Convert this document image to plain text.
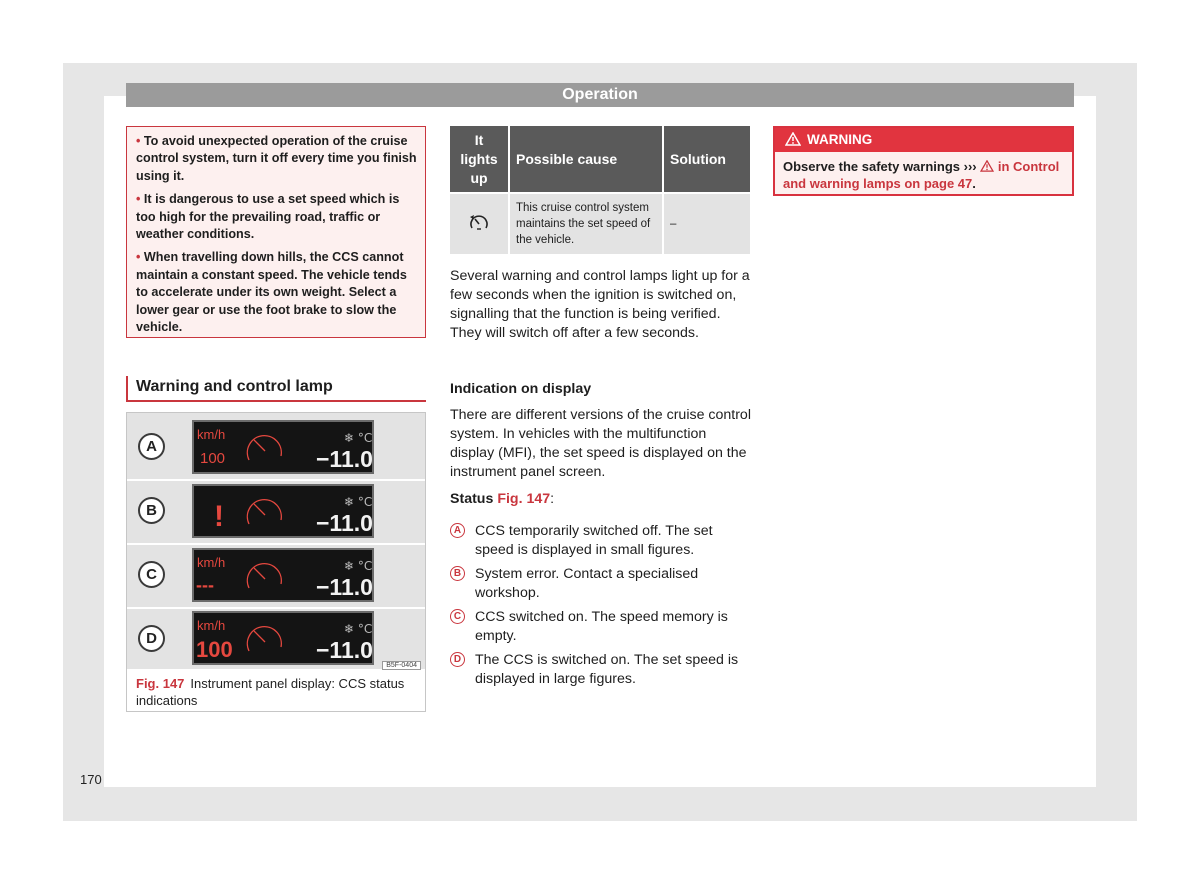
Operation

• To avoid unexpected operation of the cruise control system, turn it off every time you finish using it.

• It is dangerous to use a set speed which is too high for the prevailing road, traffic or weather conditions.

• When travelling down hills, the CCS cannot maintain a constant speed. The vehicle tends to accelerate under its own weight. Select a lower gear or use the foot brake to slow the vehicle.

Warning and control lamp
A
km/h
100
❄ °C
−11.0
B !	❄ °C
−11.0
C
km/h
---
❄ °C
−11.0
D
km/h
100
❄ °C
−11.0
B5F-0404
Fig. 147 Instrument panel display: CCS status indications
170
It lights up	Possible cause	Solution
	This cruise control system maintains the set speed of the vehicle.	–

Several warning and control lamps light up for a few seconds when the ignition is switched on, signalling that the function is being verified. They will switch off after a few seconds.

Indication on display

There are different versions of the cruise control system. In vehicles with the multifunction display (MFI), the set speed is displayed on the instrument panel screen.

Status Fig. 147:

A CCS temporarily switched off. The set speed is displayed in small figures.
B System error. Contact a specialised workshop.
C CCS switched on. The speed memory is empty.
D The CCS is switched on. The set speed is displayed in large figures.
WARNING
Observe the safety warnings ››› in Control and warning lamps on page 47.
